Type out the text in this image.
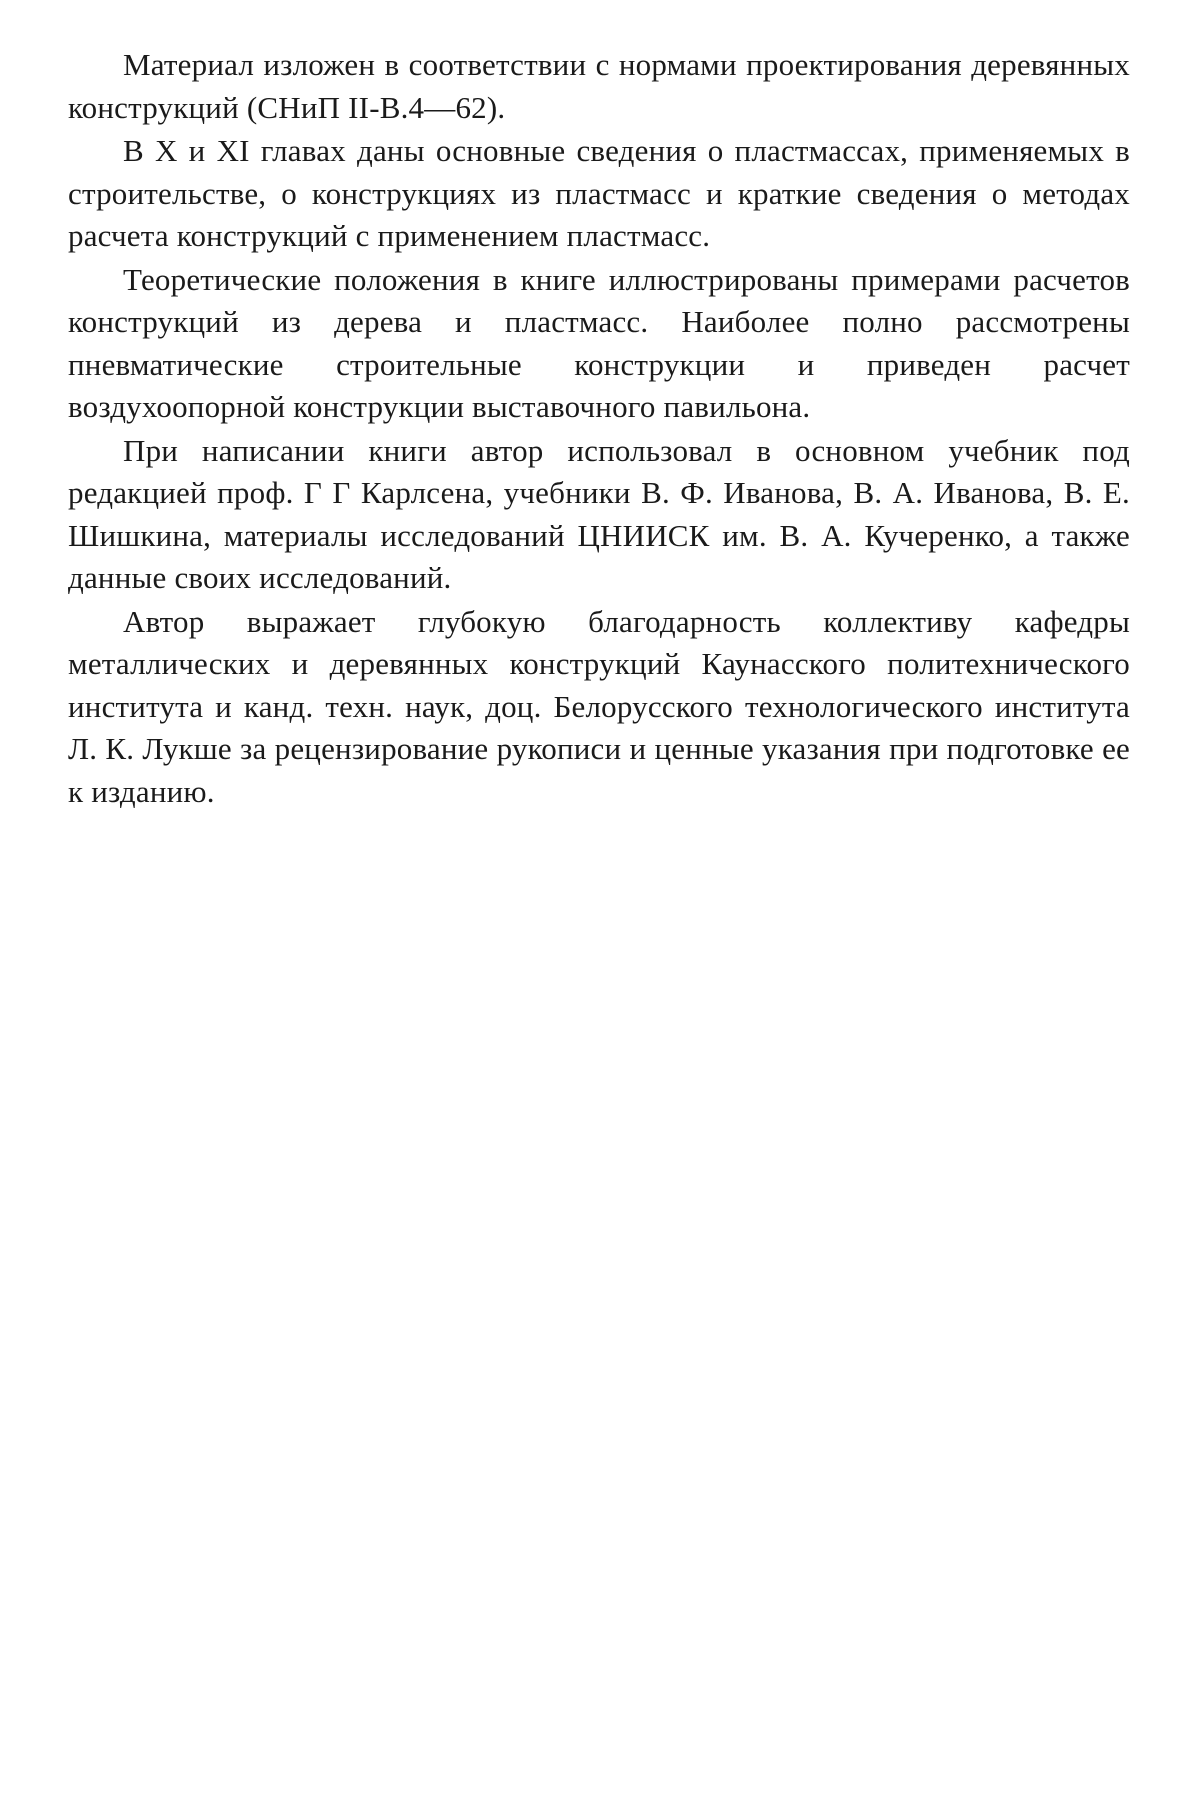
Материал изложен в соответствии с нормами проектирования деревянных конструкций (СНиП II-В.4—62).

В X и XI главах даны основные сведения о пластмассах, применяемых в строительстве, о конструкциях из пластмасс и краткие сведения о методах расчета конструкций с применением пластмасс.

Теоретические положения в книге иллюстрированы примерами расчетов конструкций из дерева и пластмасс. Наиболее полно рассмотрены пневматические строительные конструкции и приведен расчет воздухоопорной конструкции выставочного павильона.

При написании книги автор использовал в основном учебник под редакцией проф. Г Г Карлсена, учебники В. Ф. Иванова, В. А. Иванова, В. Е. Шишкина, материалы исследований ЦНИИСК им. В. А. Кучеренко, а также данные своих исследований.

Автор выражает глубокую благодарность коллективу кафедры металлических и деревянных конструкций Каунасского политехнического института и канд. техн. наук, доц. Белорусского технологического института Л. К. Лукше за рецензирование рукописи и ценные указания при подготовке ее к изданию.
